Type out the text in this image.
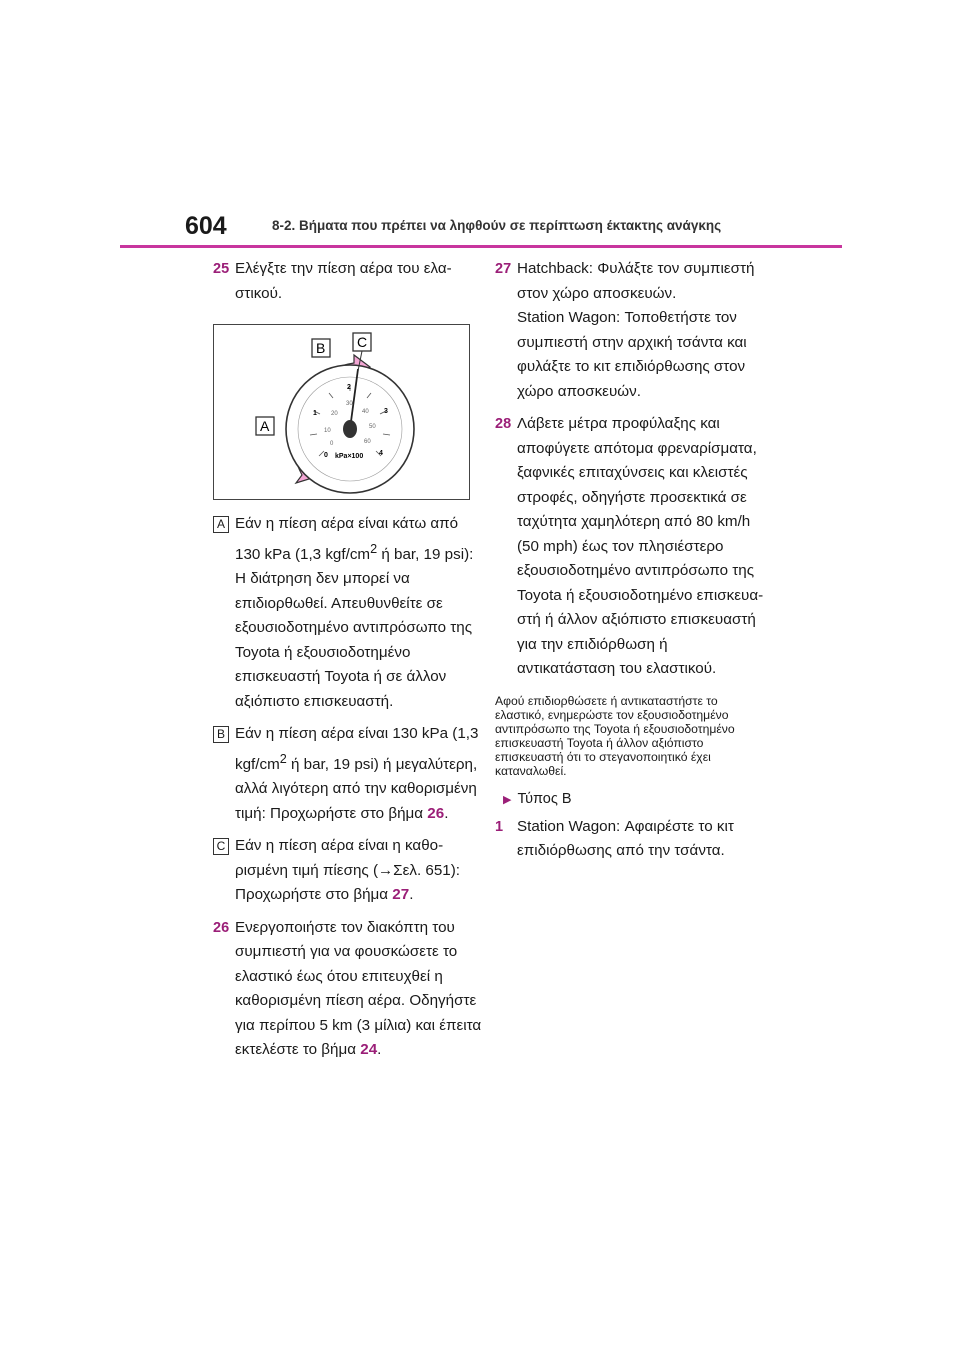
604	8-2. Βήματα που πρέπει να ληφθούν σε περίπτωση έκτακτης ανάγκης
25 Ελέγξτε την πίεση αέρα του ελαστικού.
0
1
2
3
4
0
10
20
30
40
50
60
kPa×100
A
B C
A Εάν η πίεση αέρα είναι κάτω από 130 kPa (1,3 kgf/$cm^2$ ή bar, 19 psi): Η διάτρηση δεν μπορεί να επιδιορθωθεί. Απευθυνθείτε σε εξουσιοδοτημένο αντιπρόσωπο της Toyota ή εξουσιοδοτημένο επισκευαστή Toyota ή σε άλλον αξιόπιστο επισκευαστή.
B Εάν η πίεση αέρα είναι 130 kPa (1,3 kgf/$cm^2$ ή bar, 19 psi) ή μεγαλύτερη, αλλά λιγότερη από την καθορισμένη τιμή: Προχωρήστε στο βήμα 26.
C Εάν η πίεση αέρα είναι η καθορισμένη τιμή πίεσης (→Σελ. 651): Προχωρήστε στο βήμα 27.
26 Ενεργοποιήστε τον διακόπτη του συμπιεστή για να φουσκώσετε το ελαστικό έως ότου επιτευχθεί η καθορισμένη πίεση αέρα. Οδηγήστε για περίπου 5 km (3 μίλια) και έπειτα εκτελέστε το βήμα 24.
27 Hatchback: Φυλάξτε τον συμπιεστή στον χώρο αποσκευών.
Station Wagon: Τοποθετήστε τον συμπιεστή στην αρχική τσάντα και φυλάξτε το κιτ επιδιόρθωσης στον χώρο αποσκευών.
28 Λάβετε μέτρα προφύλαξης και αποφύγετε απότομα φρεναρίσματα, ξαφνικές επιταχύνσεις και κλειστές στροφές, οδηγήστε προσεκτικά σε ταχύτητα χαμηλότερη από 80 km/h (50 mph) έως τον πλησιέστερο εξουσιοδοτημένο αντιπρόσωπο της Toyota ή εξουσιοδοτημένο επισκευαστή ή άλλον αξιόπιστο επισκευαστή για την επιδιόρθωση ή αντικατάσταση του ελαστικού.
Αφού επιδιορθώσετε ή αντικαταστήστε το ελαστικό, ενημερώστε τον εξουσιοδοτημένο αντιπρόσωπο της Toyota ή εξουσιοδοτημένο επισκευαστή Toyota ή άλλον αξιόπιστο επισκευαστή ότι το στεγανοποιητικό έχει καταναλωθεί.
▶ Τύπος B
1 Station Wagon: Αφαιρέστε το κιτ επιδιόρθωσης από την τσάντα.
